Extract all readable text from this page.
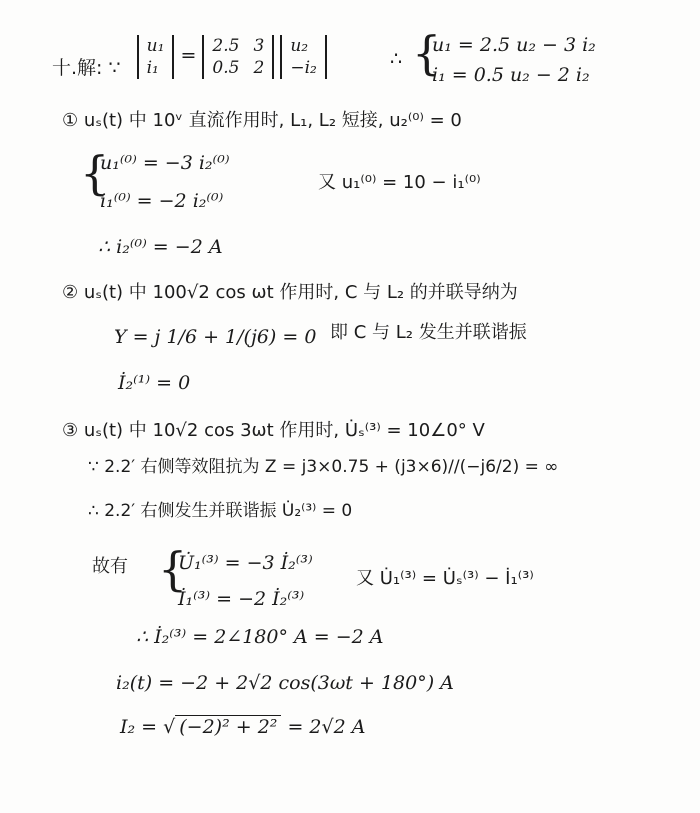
十.解: ∵
u₁
i₁
= 2.5 3
0.5 2

u₂
−i₂	∴ {
u₁ = 2.5 u₂ − 3 i₂
i₁ = 0.5 u₂ − 2 i₂
① uₛ(t) 中 10ᵛ 直流作用时, L₁, L₂ 短接, u₂⁽⁰⁾ = 0
{
u₁⁽⁰⁾ = −3 i₂⁽⁰⁾
i₁⁽⁰⁾ = −2 i₂⁽⁰⁾
又 u₁⁽⁰⁾ = 10 − i₁⁽⁰⁾
∴ i₂⁽⁰⁾ = −2 A
② uₛ(t) 中 100√2 cos ωt 作用时, C 与 L₂ 的并联导纳为
Y = j 1/6 + 1/(j6) = 0 即 C 与 L₂ 发生并联谐振
İ₂⁽¹⁾ = 0
③ uₛ(t) 中 10√2 cos 3ωt 作用时, U̇ₛ⁽³⁾ = 10∠0° V
∵ 2.2′ 右侧等效阻抗为 Z = j3×0.75 + (j3×6)//(−j6/2) = ∞
∴ 2.2′ 右侧发生并联谐振 U̇₂⁽³⁾ = 0
故有 {
U̇₁⁽³⁾ = −3 İ₂⁽³⁾
İ₁⁽³⁾ = −2 İ₂⁽³⁾
又 U̇₁⁽³⁾ = U̇ₛ⁽³⁾ − İ₁⁽³⁾
∴ İ₂⁽³⁾ = 2∠180° A = −2 A
i₂(t) = −2 + 2√2 cos(3ωt + 180°) A
I₂ = √ (−2)² + 2² = 2√2 A
